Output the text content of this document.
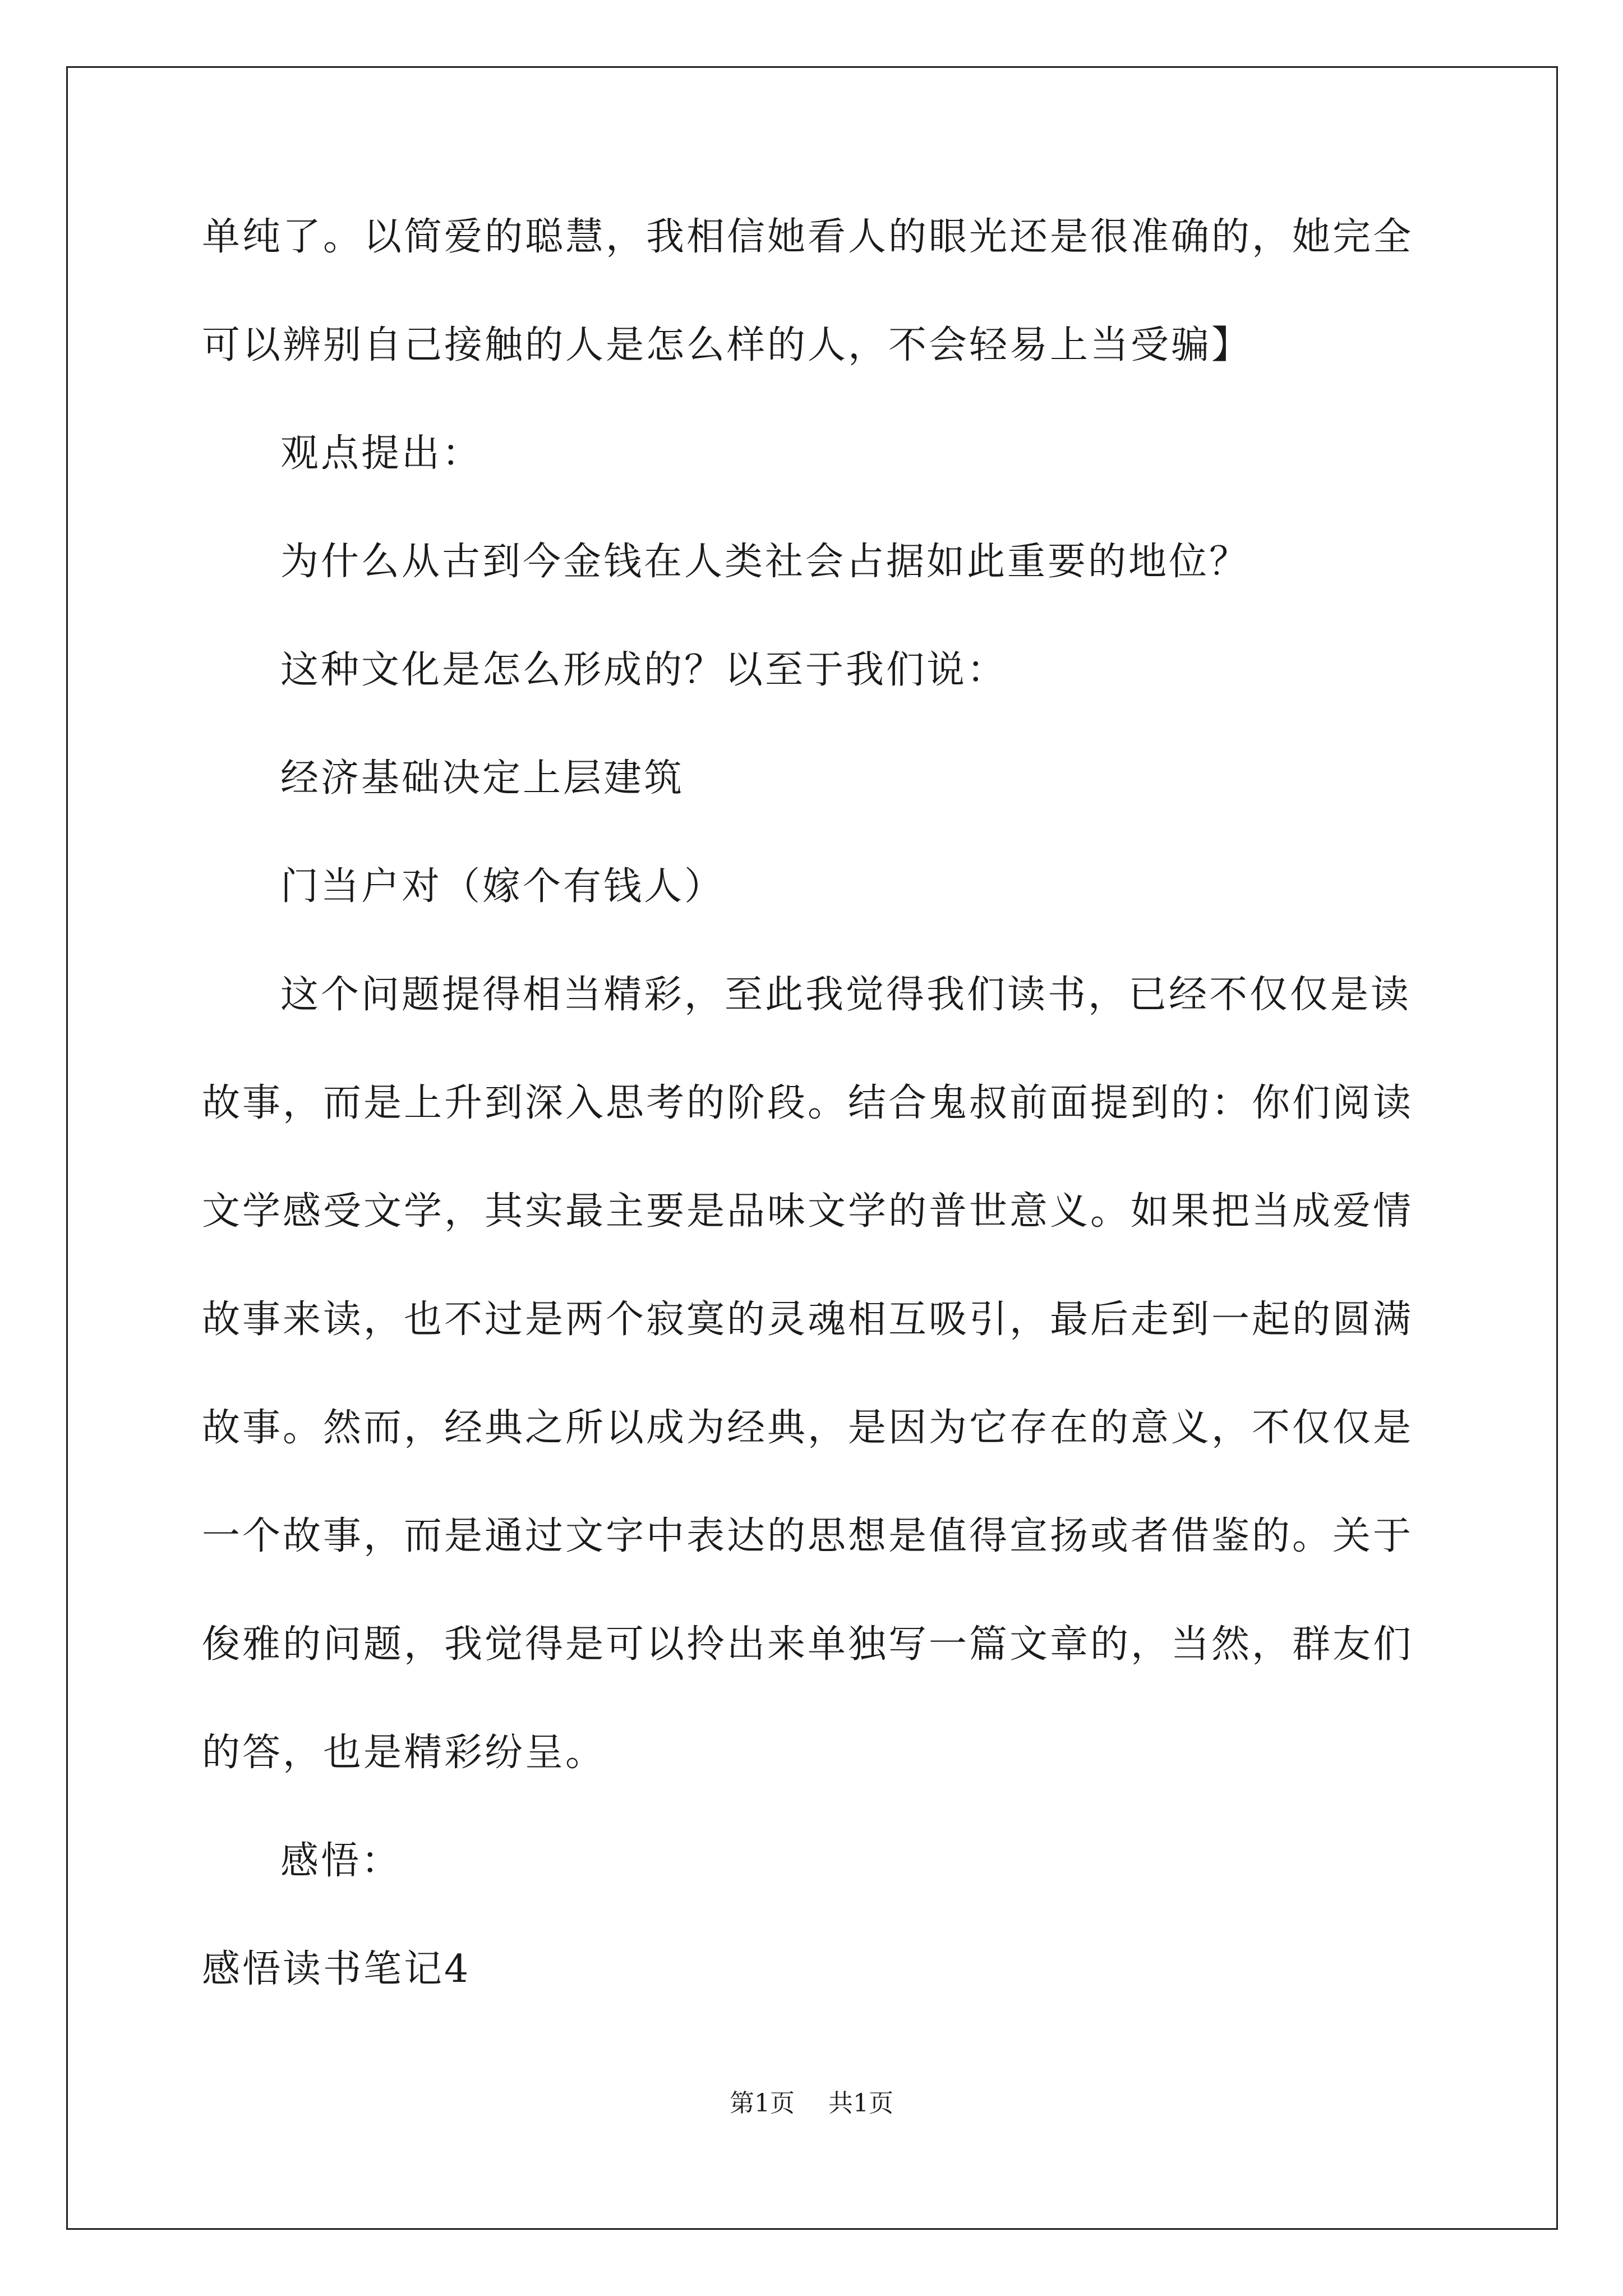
单纯了。以简爱的聪慧，我相信她看人的眼光还是很准确的，她完全
可以辨别自己接触的人是怎么样的人，不会轻易上当受骗】
观点提出：
为什么从古到今金钱在人类社会占据如此重要的地位？
这种文化是怎么形成的？以至于我们说：
经济基础决定上层建筑
门当户对（嫁个有钱人）
这个问题提得相当精彩，至此我觉得我们读书，已经不仅仅是读
故事，而是上升到深入思考的阶段。结合鬼叔前面提到的：你们阅读
文学感受文学，其实最主要是品味文学的普世意义。如果把当成爱情
故事来读，也不过是两个寂寞的灵魂相互吸引，最后走到一起的圆满
故事。然而，经典之所以成为经典，是因为它存在的意义，不仅仅是
一个故事，而是通过文字中表达的思想是值得宣扬或者借鉴的。关于
俊雅的问题，我觉得是可以拎出来单独写一篇文章的，当然，群友们
的答，也是精彩纷呈。
感悟：
感悟读书笔记4
第1页 共1页
